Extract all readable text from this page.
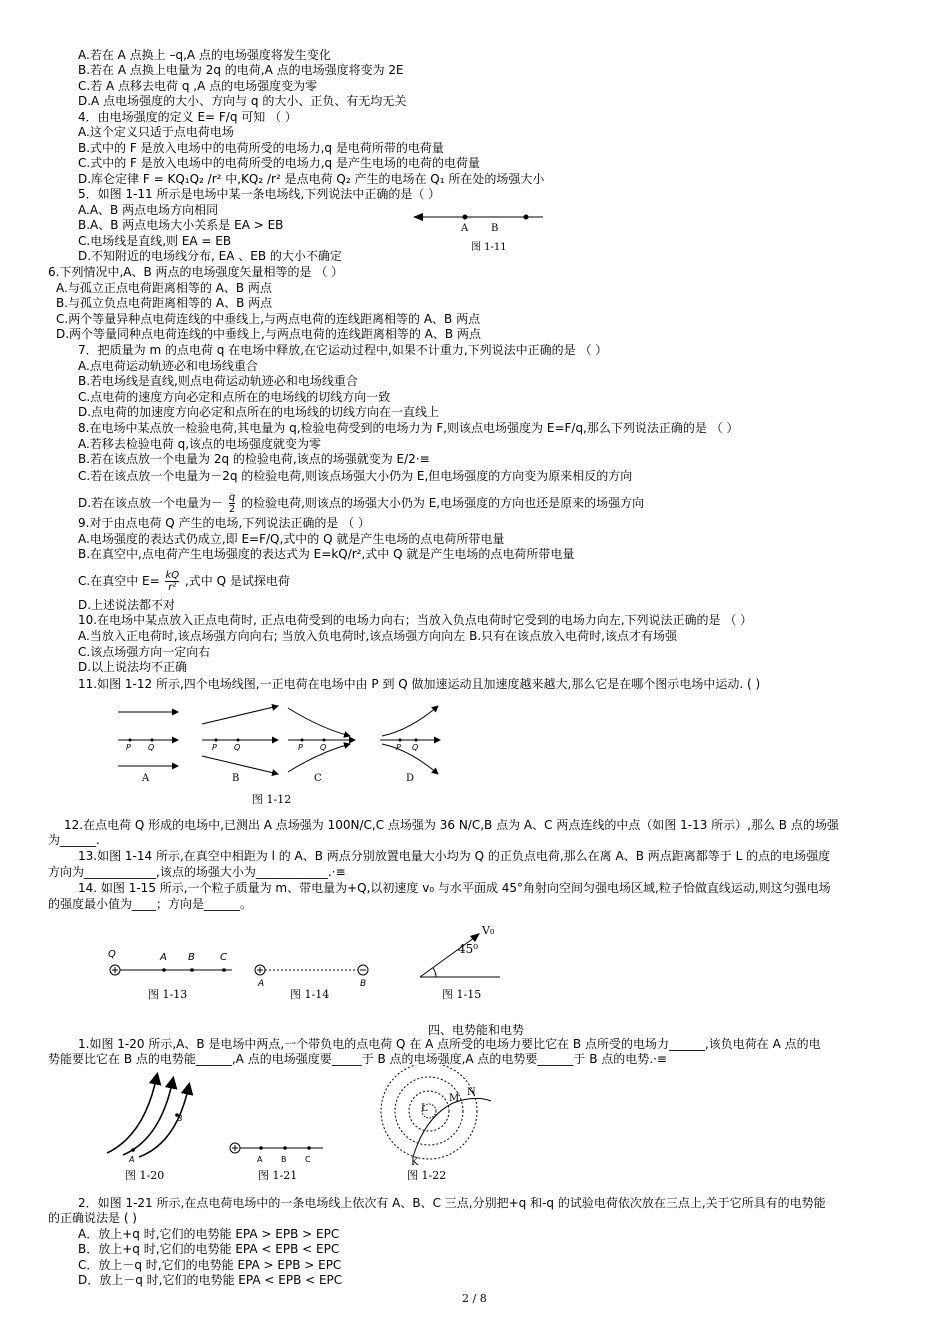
A.若在 A 点换上 –q,A 点的电场强度将发生变化
B.若在 A 点换上电量为 2q 的电荷,A 点的电场强度将变为 2E
C.若 A 点移去电荷 q ,A 点的电场强度变为零
D.A 点电场强度的大小、方向与 q 的大小、正负、有无均无关
4．由电场强度的定义 E= F/q 可知 （ ）
A.这个定义只适于点电荷电场
B.式中的 F 是放入电场中的电荷所受的电场力,q 是电荷所带的电荷量
C.式中的 F 是放入电场中的电荷所受的电场力,q 是产生电场的电荷的电荷量
D.库仑定律 F = KQ₁Q₂ /r² 中,KQ₂ /r² 是点电荷 Q₂ 产生的电场在 Q₁ 所在处的场强大小
5．如图 1-11 所示是电场中某一条电场线,下列说法中正确的是（ ）
A.A、B 两点电场方向相同
B.A、B 两点电场大小关系是 EA > EB
C.电场线是直线,则 EA = EB
D.不知附近的电场线分布, EA 、EB 的大小不确定
6.下列情况中,A、B 两点的电场强度矢量相等的是 （ ）
A.与孤立正点电荷距离相等的 A、B 两点
B.与孤立负点电荷距离相等的 A、B 两点
C.两个等量异种点电荷连线的中垂线上,与两点电荷的连线距离相等的 A、B 两点
D.两个等量同种点电荷连线的中垂线上,与两点电荷的连线距离相等的 A、B 两点
7．把质量为 m 的点电荷 q 在电场中释放,在它运动过程中,如果不计重力,下列说法中正确的是 （ ）
A.点电荷运动轨迹必和电场线重合
B.若电场线是直线,则点电荷运动轨迹必和电场线重合
C.点电荷的速度方向必定和点所在的电场线的切线方向一致
D.点电荷的加速度方向必定和点所在的电场线的切线方向在一直线上
8.在电场中某点放一检验电荷,其电量为 q,检验电荷受到的电场力为 F,则该点电场强度为 E=F/q,那么下列说法正确的是 （ ）
A.若移去检验电荷 q,该点的电场强度就变为零
B.若在该点放一个电量为 2q 的检验电荷,该点的场强就变为 E/2·≡
C.若在该点放一个电量为－2q 的检验电荷,则该点场强大小仍为 E,但电场强度的方向变为原来相反的方向
D.若在该点放一个电量为－ $\frac{q}{2}$ 的检验电荷,则该点的场强大小仍为 E,电场强度的方向也还是原来的场强方向
9.对于由点电荷 Q 产生的电场,下列说法正确的是 （ ）
A.电场强度的表达式仍成立,即 E=F/Q,式中的 Q 就是产生电场的点电荷所带电量
B.在真空中,点电荷产生电场强度的表达式为 E=kQ/r²,式中 Q 就是产生电场的点电荷所带电量
C.在真空中 $E= \frac{kQ}{\text{r²}}$ ,式中 Q 是试探电荷
D.上述说法都不对
10.在电场中某点放入正点电荷时, 正点电荷受到的电场力向右；当放入负点电荷时它受到的电场力向左,下列说法正确的是 （ ）
A.当放入正电荷时,该点场强方向向右; 当放入负电荷时,该点场强方向向左 B.只有在该点放入电荷时,该点才有场强
C.该点场强方向一定向右
D.以上说法均不正确
11.如图 1-12 所示,四个电场线图,一正电荷在电场中由 P 到 Q 做加速运动且加速度越来越大,那么它是在哪个图示电场中运动. ( )
A B
图 1-11
P Q
A
P Q
B
P Q
C
P Q
D
图 1-12
12.在点电荷 Q 形成的电场中,已测出 A 点场强为 100N/C,C 点场强为 36 N/C,B 点为 A、C 两点连线的中点（如图 1-13 所示）,那么 B 点的场强
为______.
13.如图 1-14 所示,在真空中相距为 l 的 A、B 两点分别放置电量大小均为 Q 的正负点电荷,那么在离 A、B 两点距离都等于 L 的点的电场强度
方向为____________,该点的场强大小为____________.·≡
14. 如图 1-15 所示,一个粒子质量为 m、带电量为+Q,以初速度 v₀ 与水平面成 45°角射向空间匀强电场区域,粒子恰做直线运动,则这匀强电场
的强度最小值为____；方向是______。
Q	A B	C
图 1-13
A	B
图 1-14
V₀
45⁰
图 1-15
四、电势能和电势
1.如图 1-20 所示,A、B 是电场中两点,一个带负电的点电荷 Q 在 A 点所受的电场力要比它在 B 点所受的电场力______,该负电荷在 A 点的电
势能要比它在 B 点的电势能______,A 点的电场强度要_____于 B 点的电场强度,A 点的电势要______于 B 点的电势.·≡
A
B
图 1-20
A B C
图 1-21
L
M
N
K
图 1-22
2．如图 1-21 所示,在点电荷电场中的一条电场线上依次有 A、B、C 三点,分别把+q 和-q 的试验电荷依次放在三点上,关于它所具有的电势能
的正确说法是 ( )
A．放上+q 时,它们的电势能 EPA > EPB > EPC
B．放上+q 时,它们的电势能 EPA < EPB < EPC
C．放上－q 时,它们的电势能 EPA > EPB > EPC
D．放上－q 时,它们的电势能 EPA < EPB < EPC
2 / 8
